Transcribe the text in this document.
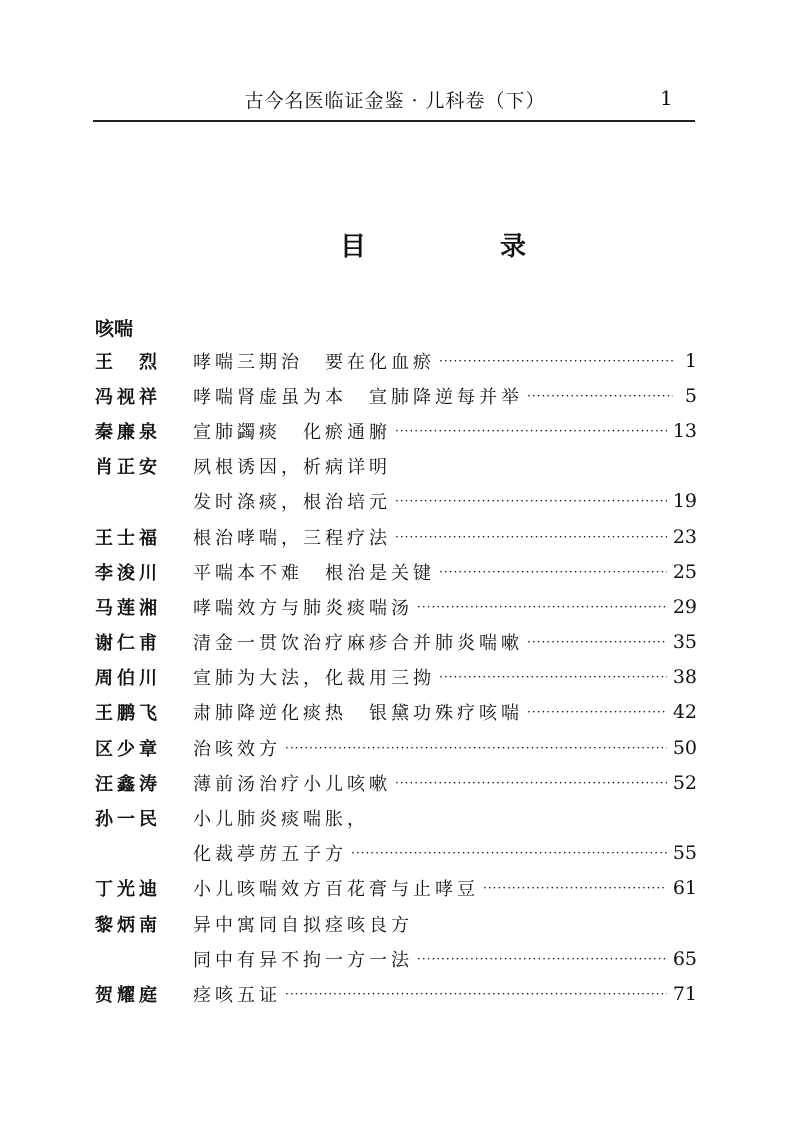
古今名医临证金鉴 · 儿科卷（下）	1
目　录
咳喘
王　烈	哮喘三期治　要在化血瘀 ·····	1
冯视祥	哮喘肾虚虽为本　宣肺降逆每并举 ·····	5
秦廉泉	宣肺蠲痰　化瘀通腑 ·····	13
肖正安	夙根诱因，析病详明
发时涤痰，根治培元 ·····	19
王士福	根治哮喘，三程疗法 ·····	23
李浚川	平喘本不难　根治是关键 ·····	25
马莲湘	哮喘效方与肺炎痰喘汤 ·····	29
谢仁甫	清金一贯饮治疗麻疹合并肺炎喘嗽 ·····	35
周伯川	宣肺为大法，化裁用三拗 ·····	38
王鹏飞	肃肺降逆化痰热　银黛功殊疗咳喘 ·····	42
区少章	治咳效方 ·····	50
汪鑫涛	薄前汤治疗小儿咳嗽 ·····	52
孙一民	小儿肺炎痰喘胀，
化裁葶苈五子方 ·····	55
丁光迪	小儿咳喘效方百花膏与止哮豆 ·····	61
黎炳南	异中寓同自拟痉咳良方
同中有异不拘一方一法 ·····	65
贺耀庭	痉咳五证 ·····	71
